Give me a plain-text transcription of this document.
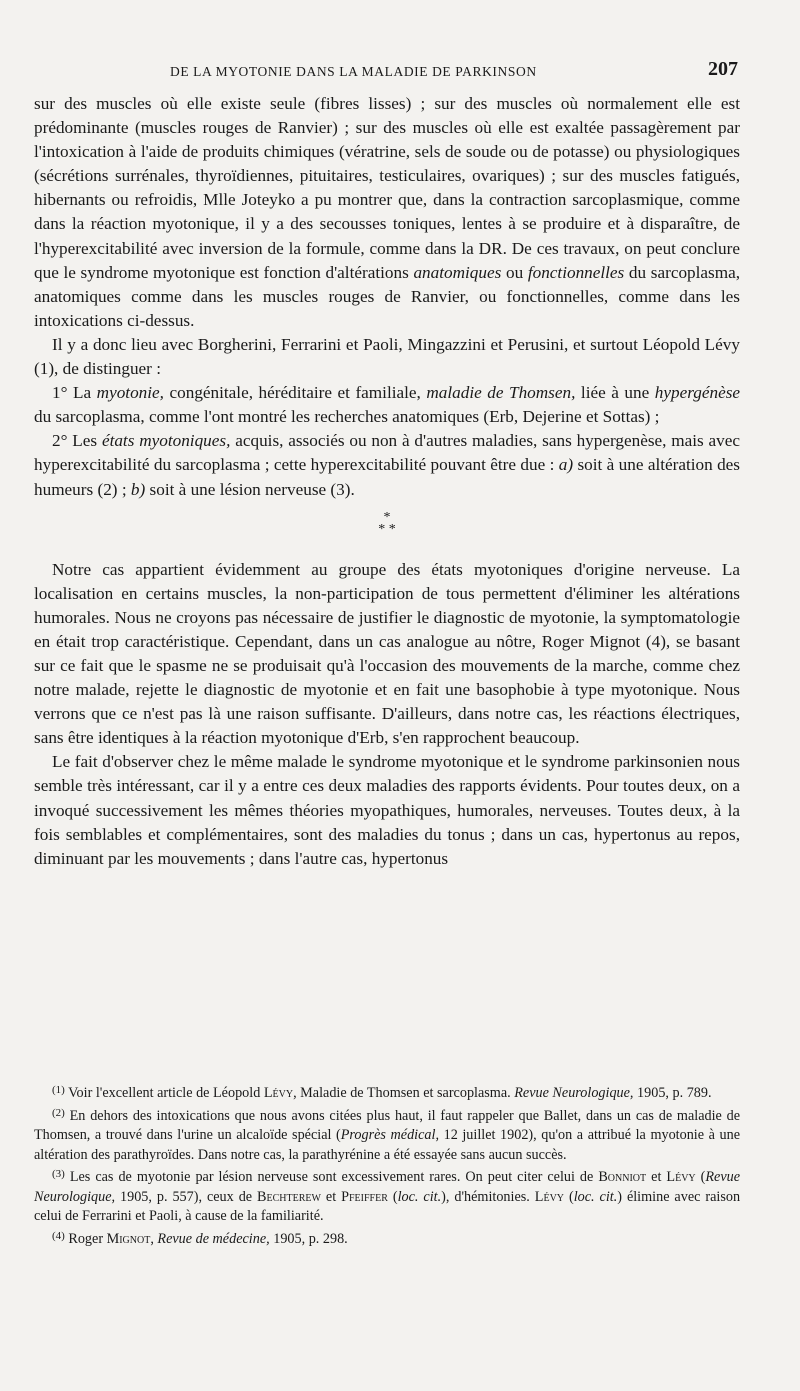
DE LA MYOTONIE DANS LA MALADIE DE PARKINSON	207

sur des muscles où elle existe seule (fibres lisses) ; sur des muscles où normalement elle est prédominante (muscles rouges de Ranvier) ; sur des muscles où elle est exaltée passagèrement par l'intoxication à l'aide de produits chimiques (vératrine, sels de soude ou de potasse) ou physiologiques (sécrétions surrénales, thyroïdiennes, pituitaires, testiculaires, ovariques) ; sur des muscles fatigués, hibernants ou refroidis, Mlle Joteyko a pu montrer que, dans la contraction sarcoplasmique, comme dans la réaction myotonique, il y a des secousses toniques, lentes à se produire et à disparaître, de l'hyperexcitabilité avec inversion de la formule, comme dans la DR. De ces travaux, on peut conclure que le syndrome myotonique est fonction d'altérations anatomiques ou fonctionnelles du sarcoplasma, anatomiques comme dans les muscles rouges de Ranvier, ou fonctionnelles, comme dans les intoxications ci-dessus.

Il y a donc lieu avec Borgherini, Ferrarini et Paoli, Mingazzini et Perusini, et surtout Léopold Lévy (1), de distinguer :

1° La myotonie, congénitale, héréditaire et familiale, maladie de Thomsen, liée à une hypergénèse du sarcoplasma, comme l'ont montré les recherches anatomiques (Erb, Dejerine et Sottas) ;

2° Les états myotoniques, acquis, associés ou non à d'autres maladies, sans hypergenèse, mais avec hyperexcitabilité du sarcoplasma ; cette hyperexcitabilité pouvant être due : a) soit à une altération des humeurs (2) ; b) soit à une lésion nerveuse (3).

*
* *

Notre cas appartient évidemment au groupe des états myotoniques d'origine nerveuse. La localisation en certains muscles, la non-participation de tous permettent d'éliminer les altérations humorales. Nous ne croyons pas nécessaire de justifier le diagnostic de myotonie, la symptomatologie en était trop caractéristique. Cependant, dans un cas analogue au nôtre, Roger Mignot (4), se basant sur ce fait que le spasme ne se produisait qu'à l'occasion des mouvements de la marche, comme chez notre malade, rejette le diagnostic de myotonie et en fait une basophobie à type myotonique. Nous verrons que ce n'est pas là une raison suffisante. D'ailleurs, dans notre cas, les réactions électriques, sans être identiques à la réaction myotonique d'Erb, s'en rapprochent beaucoup.

Le fait d'observer chez le même malade le syndrome myotonique et le syndrome parkinsonien nous semble très intéressant, car il y a entre ces deux maladies des rapports évidents. Pour toutes deux, on a invoqué successivement les mêmes théories myopathiques, humorales, nerveuses. Toutes deux, à la fois semblables et complémentaires, sont des maladies du tonus ; dans un cas, hypertonus au repos, diminuant par les mouvements ; dans l'autre cas, hypertonus

$^{(1)}$ Voir l'excellent article de Léopold Lévy, Maladie de Thomsen et sarcoplasma. Revue Neurologique, 1905, p. 789.

$^{(2)}$ En dehors des intoxications que nous avons citées plus haut, il faut rappeler que Ballet, dans un cas de maladie de Thomsen, a trouvé dans l'urine un alcaloïde spécial (Progrès médical, 12 juillet 1902), qu'on a attribué la myotonie à une altération des parathyroïdes. Dans notre cas, la parathyrénine a été essayée sans aucun succès.

$^{(3)}$ Les cas de myotonie par lésion nerveuse sont excessivement rares. On peut citer celui de Bonniot et Lévy (Revue Neurologique, 1905, p. 557), ceux de Bechterew et Pfeiffer (loc. cit.), d'hémitonies. Lévy (loc. cit.) élimine avec raison celui de Ferrarini et Paoli, à cause de la familiarité.

$^{(4)}$ Roger Mignot, Revue de médecine, 1905, p. 298.
